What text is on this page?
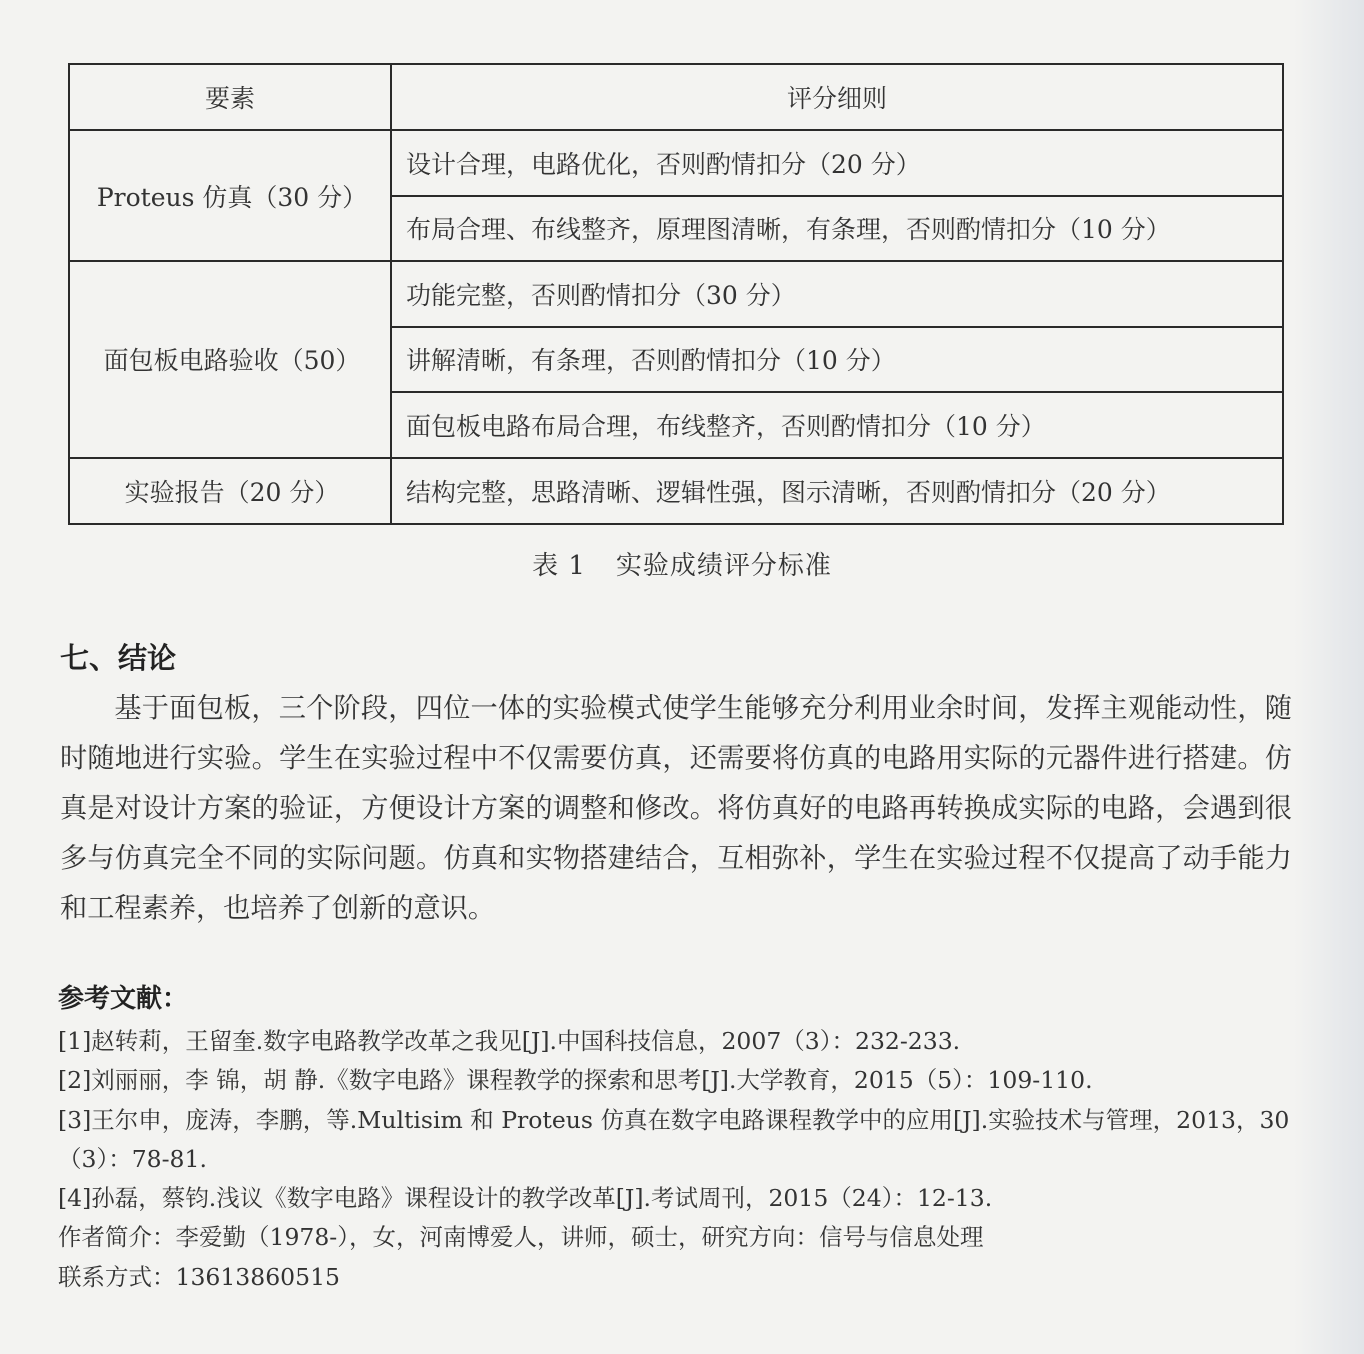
要素	评分细则
Proteus 仿真（30 分）	设计合理，电路优化，否则酌情扣分（20 分）
	布局合理、布线整齐，原理图清晰，有条理，否则酌情扣分（10 分）
面包板电路验收（50）	功能完整，否则酌情扣分（30 分）
	讲解清晰，有条理，否则酌情扣分（10 分）
	面包板电路布局合理，布线整齐，否则酌情扣分（10 分）
实验报告（20 分）	结构完整，思路清晰、逻辑性强，图示清晰，否则酌情扣分（20 分）
表 1 实验成绩评分标准
七、结论
基于面包板，三个阶段，四位一体的实验模式使学生能够充分利用业余时间，发挥主观能动性，随时随地进行实验。学生在实验过程中不仅需要仿真，还需要将仿真的电路用实际的元器件进行搭建。仿真是对设计方案的验证，方便设计方案的调整和修改。将仿真好的电路再转换成实际的电路，会遇到很多与仿真完全不同的实际问题。仿真和实物搭建结合，互相弥补，学生在实验过程不仅提高了动手能力和工程素养，也培养了创新的意识。
参考文献：
[1]赵转莉，王留奎.数字电路教学改革之我见[J].中国科技信息，2007（3）：232-233.
[2]刘丽丽，李 锦，胡 静.《数字电路》课程教学的探索和思考[J].大学教育，2015（5）：109-110.
[3]王尔申，庞涛，李鹏，等.Multisim 和 Proteus 仿真在数字电路课程教学中的应用[J].实验技术与管理，2013，30（3）：78-81.
[4]孙磊，蔡钧.浅议《数字电路》课程设计的教学改革[J].考试周刊，2015（24）：12-13.
作者简介：李爱勤（1978-），女，河南博爱人，讲师，硕士，研究方向：信号与信息处理
联系方式：13613860515
